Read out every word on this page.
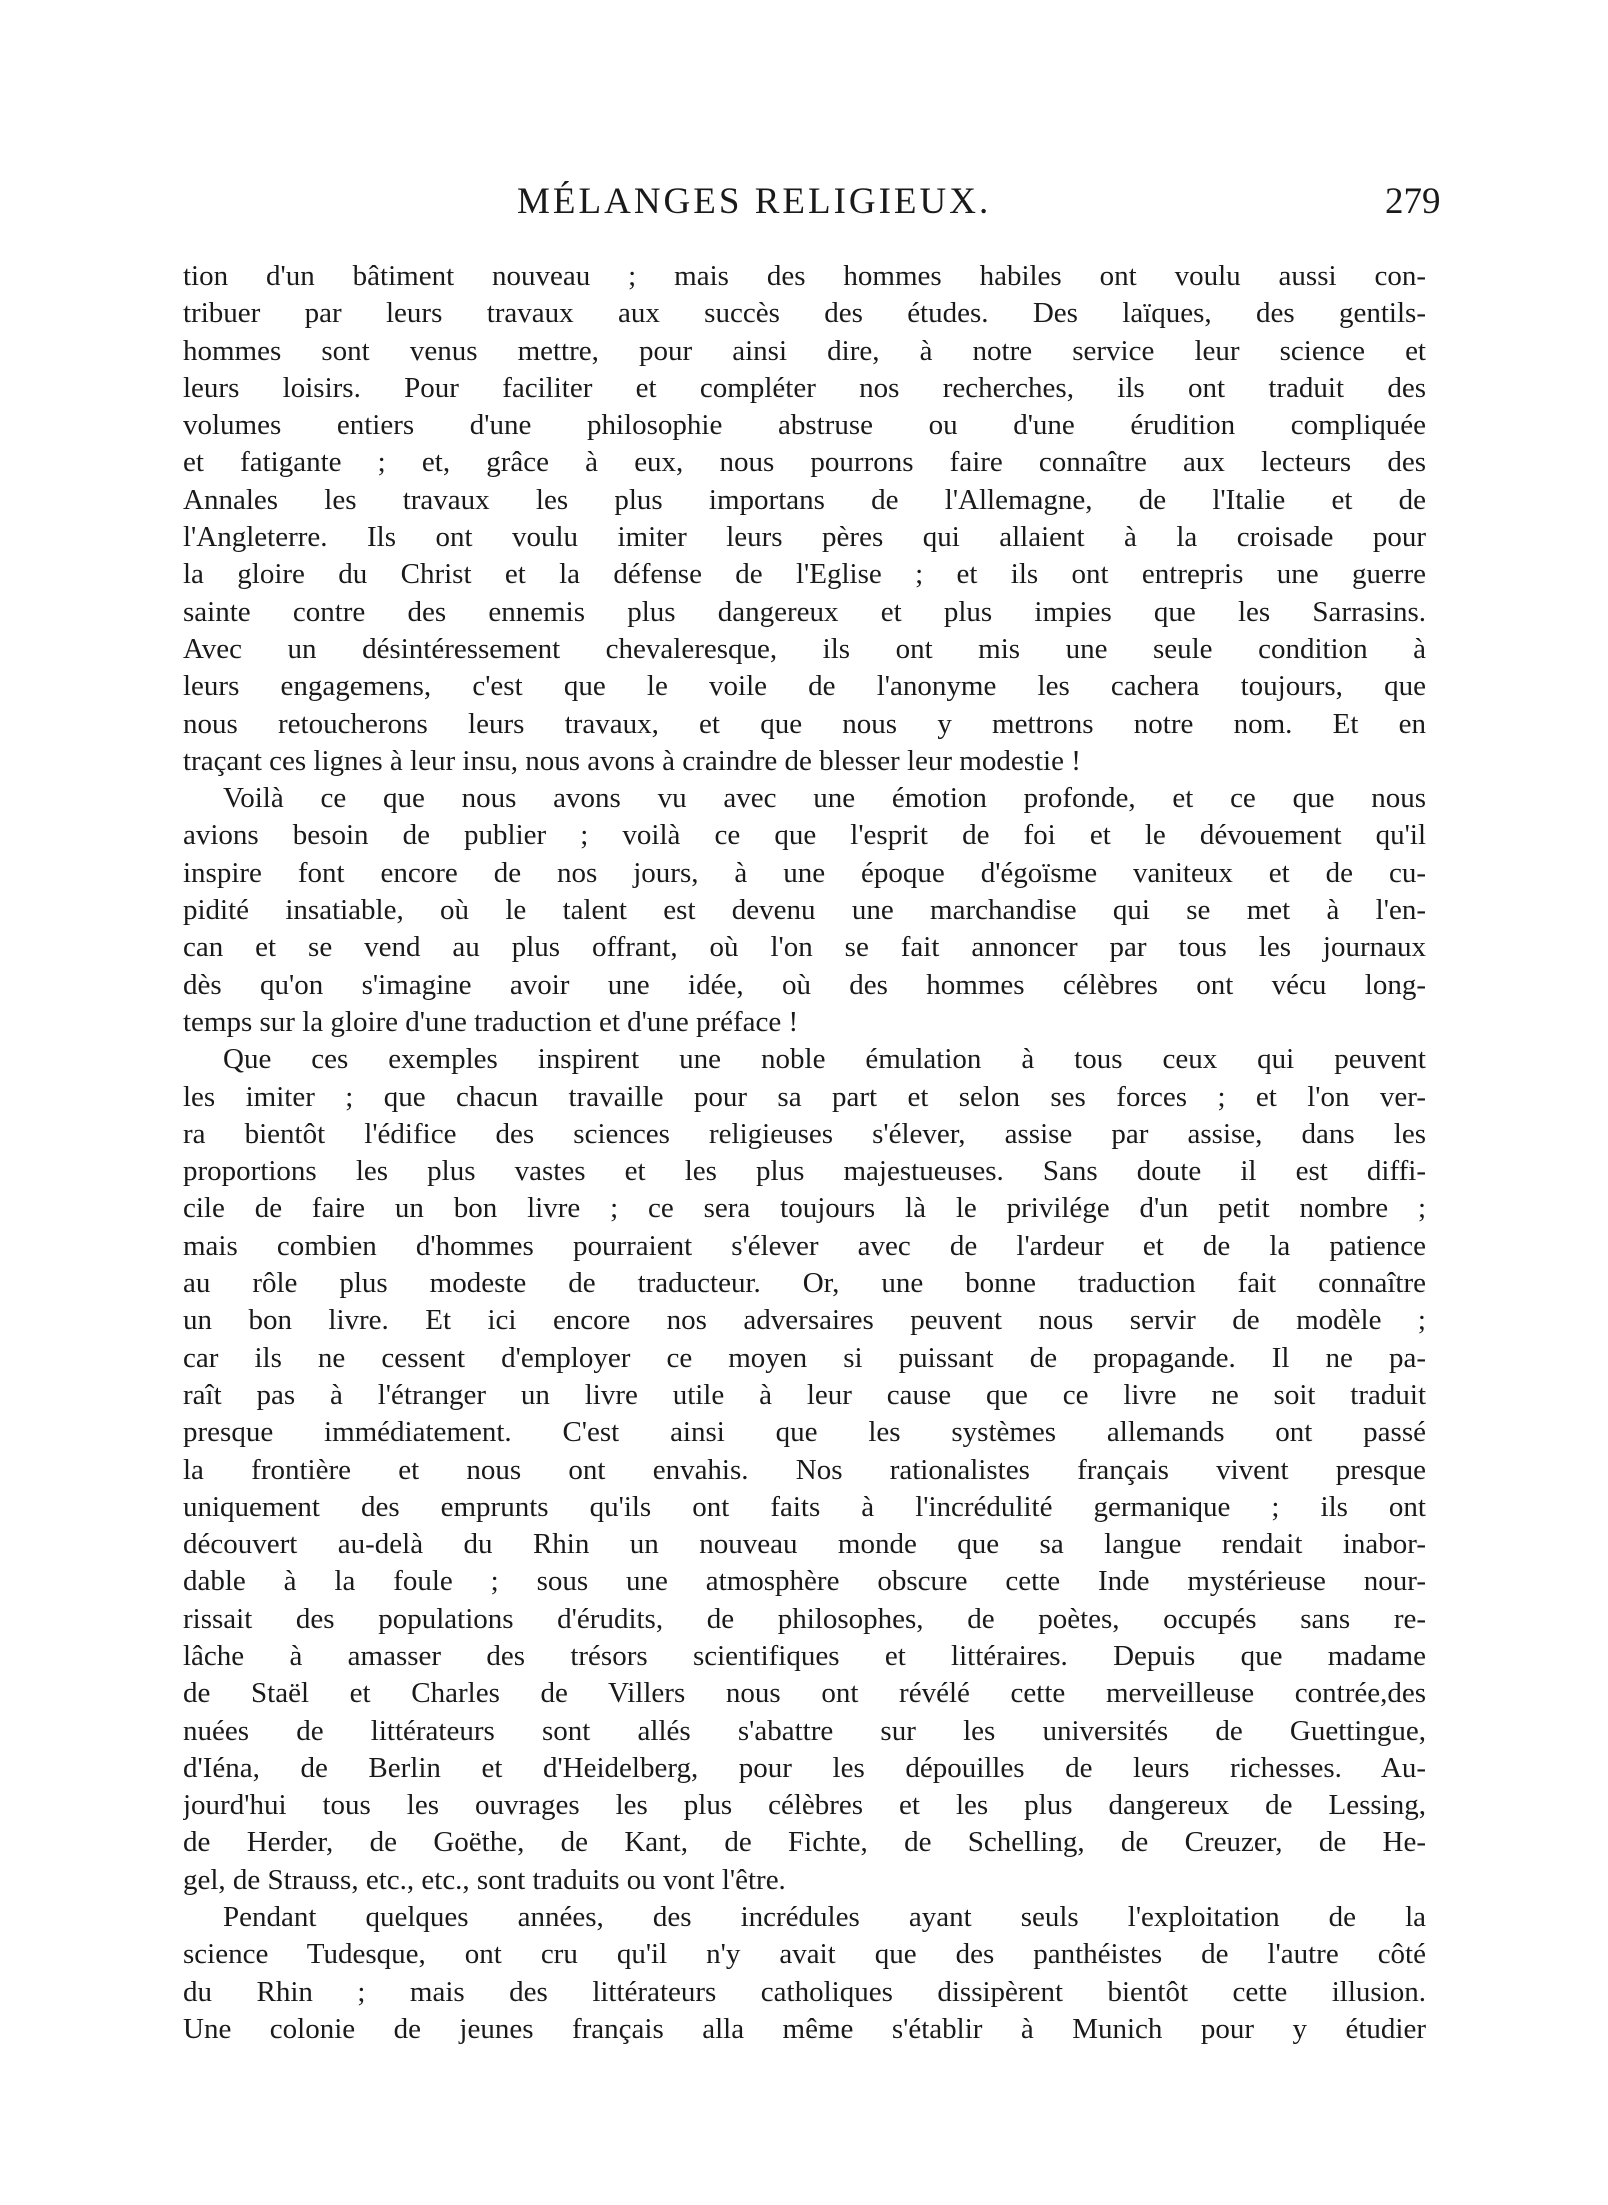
MÉLANGES RELIGIEUX.	279
tion d'un bâtiment nouveau ; mais des hommes habiles ont voulu aussi con-
tribuer par leurs travaux aux succès des études. Des laïques, des gentils-
hommes sont venus mettre, pour ainsi dire, à notre service leur science et
leurs loisirs. Pour faciliter et compléter nos recherches, ils ont traduit des
volumes entiers d'une philosophie abstruse ou d'une érudition compliquée
et fatigante ; et, grâce à eux, nous pourrons faire connaître aux lecteurs des
Annales les travaux les plus importans de l'Allemagne, de l'Italie et de
l'Angleterre. Ils ont voulu imiter leurs pères qui allaient à la croisade pour
la gloire du Christ et la défense de l'Eglise ; et ils ont entrepris une guerre
sainte contre des ennemis plus dangereux et plus impies que les Sarrasins.
Avec un désintéressement chevaleresque, ils ont mis une seule condition à
leurs engagemens, c'est que le voile de l'anonyme les cachera toujours, que
nous retoucherons leurs travaux, et que nous y mettrons notre nom. Et en
traçant ces lignes à leur insu, nous avons à craindre de blesser leur modestie !
Voilà ce que nous avons vu avec une émotion profonde, et ce que nous
avions besoin de publier ; voilà ce que l'esprit de foi et le dévouement qu'il
inspire font encore de nos jours, à une époque d'égoïsme vaniteux et de cu-
pidité insatiable, où le talent est devenu une marchandise qui se met à l'en-
can et se vend au plus offrant, où l'on se fait annoncer par tous les journaux
dès qu'on s'imagine avoir une idée, où des hommes célèbres ont vécu long-
temps sur la gloire d'une traduction et d'une préface !
Que ces exemples inspirent une noble émulation à tous ceux qui peuvent
les imiter ; que chacun travaille pour sa part et selon ses forces ; et l'on ver-
ra bientôt l'édifice des sciences religieuses s'élever, assise par assise, dans les
proportions les plus vastes et les plus majestueuses. Sans doute il est diffi-
cile de faire un bon livre ; ce sera toujours là le privilége d'un petit nombre ;
mais combien d'hommes pourraient s'élever avec de l'ardeur et de la patience
au rôle plus modeste de traducteur. Or, une bonne traduction fait connaître
un bon livre. Et ici encore nos adversaires peuvent nous servir de modèle ;
car ils ne cessent d'employer ce moyen si puissant de propagande. Il ne pa-
raît pas à l'étranger un livre utile à leur cause que ce livre ne soit traduit
presque immédiatement. C'est ainsi que les systèmes allemands ont passé
la frontière et nous ont envahis. Nos rationalistes français vivent presque
uniquement des emprunts qu'ils ont faits à l'incrédulité germanique ; ils ont
découvert au-delà du Rhin un nouveau monde que sa langue rendait inabor-
dable à la foule ; sous une atmosphère obscure cette Inde mystérieuse nour-
rissait des populations d'érudits, de philosophes, de poètes, occupés sans re-
lâche à amasser des trésors scientifiques et littéraires. Depuis que madame
de Staël et Charles de Villers nous ont révélé cette merveilleuse contrée,des
nuées de littérateurs sont allés s'abattre sur les universités de Guettingue,
d'Iéna, de Berlin et d'Heidelberg, pour les dépouilles de leurs richesses. Au-
jourd'hui tous les ouvrages les plus célèbres et les plus dangereux de Lessing,
de Herder, de Goëthe, de Kant, de Fichte, de Schelling, de Creuzer, de He-
gel, de Strauss, etc., etc., sont traduits ou vont l'être.
Pendant quelques années, des incrédules ayant seuls l'exploitation de la
science Tudesque, ont cru qu'il n'y avait que des panthéistes de l'autre côté
du Rhin ; mais des littérateurs catholiques dissipèrent bientôt cette illusion.
Une colonie de jeunes français alla même s'établir à Munich pour y étudier
